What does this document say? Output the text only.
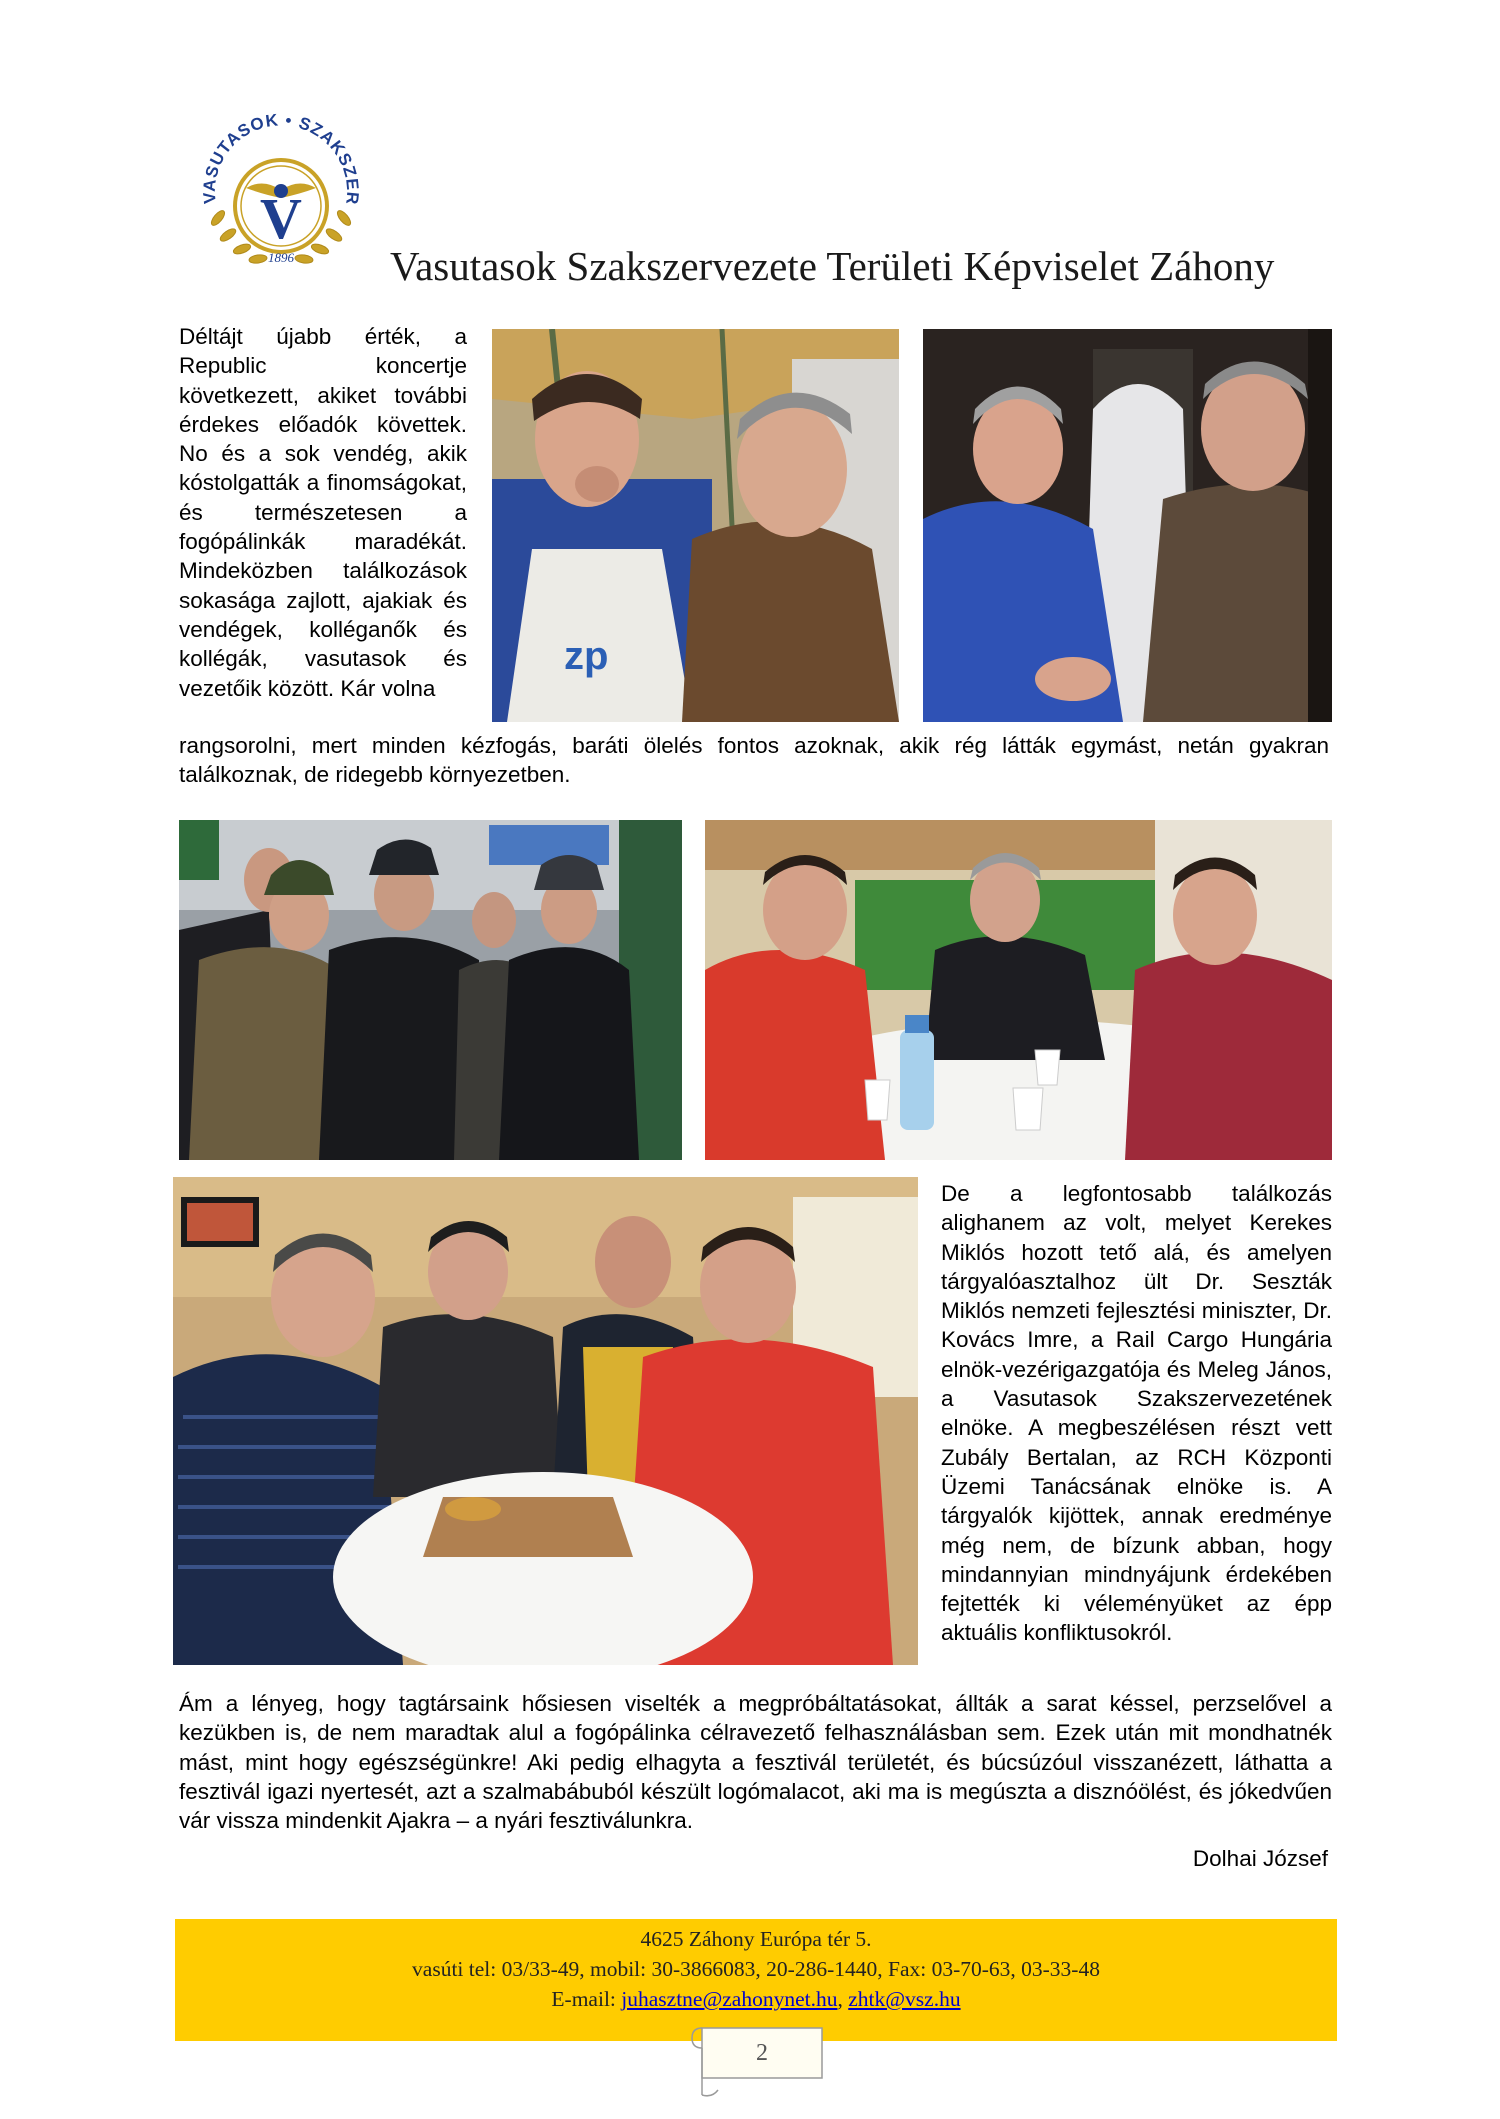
VASUTASOK • SZAKSZER
V
1896 Vasutasok Szakszervezete Területi Képviselet Záhony
Déltájt újabb érték, a Republic koncertje következett, akiket további érdekes előadók követtek. No és a sok vendég, akik kóstolgatták a finomságokat, és természetesen a fogópálinkák maradékát. Mindeközben találkozások sokasága zajlott, ajakiak és vendégek, kolléganők és kollégák, vasutasok és vezetőik között. Kár volna
zp
rangsorolni, mert minden kézfogás, baráti ölelés fontos azoknak, akik rég látták egymást, netán gyakran találkoznak, de ridegebb környezetben.
De a legfontosabb találkozás alighanem az volt, melyet Kerekes Miklós hozott tető alá, és amelyen tárgyalóasztalhoz ült Dr. Seszták Miklós nemzeti fejlesztési miniszter, Dr. Kovács Imre, a Rail Cargo Hungária elnök-vezérigazgatója és Meleg János, a Vasutasok Szakszervezetének elnöke. A megbeszélésen részt vett Zubály Bertalan, az RCH Központi Üzemi Tanácsának elnöke is. A tárgyalók kijöttek, annak eredménye még nem, de bízunk abban, hogy mindannyian mindnyájunk érdekében fejtették ki véleményüket az épp aktuális konfliktusokról.
Ám a lényeg, hogy tagtársaink hősiesen viselték a megpróbáltatásokat, állták a sarat késsel, perzselővel a kezükben is, de nem maradtak alul a fogópálinka célravezető felhasználásban sem. Ezek után mit mondhatnék mást, mint hogy egészségünkre! Aki pedig elhagyta a fesztivál területét, és búcsúzóul visszanézett, láthatta a fesztivál igazi nyertesét, azt a szalmabábuból készült logómalacot, aki ma is megúszta a disznóölést, és jókedvűen vár vissza mindenkit Ajakra – a nyári fesztiválunkra.
Dolhai József
4625 Záhony Európa tér 5.
vasúti tel: 03/33-49, mobil: 30-3866083, 20-286-1440, Fax: 03-70-63, 03-33-48
E-mail: juhasztne@zahonynet.hu, zhtk@vsz.hu
2
